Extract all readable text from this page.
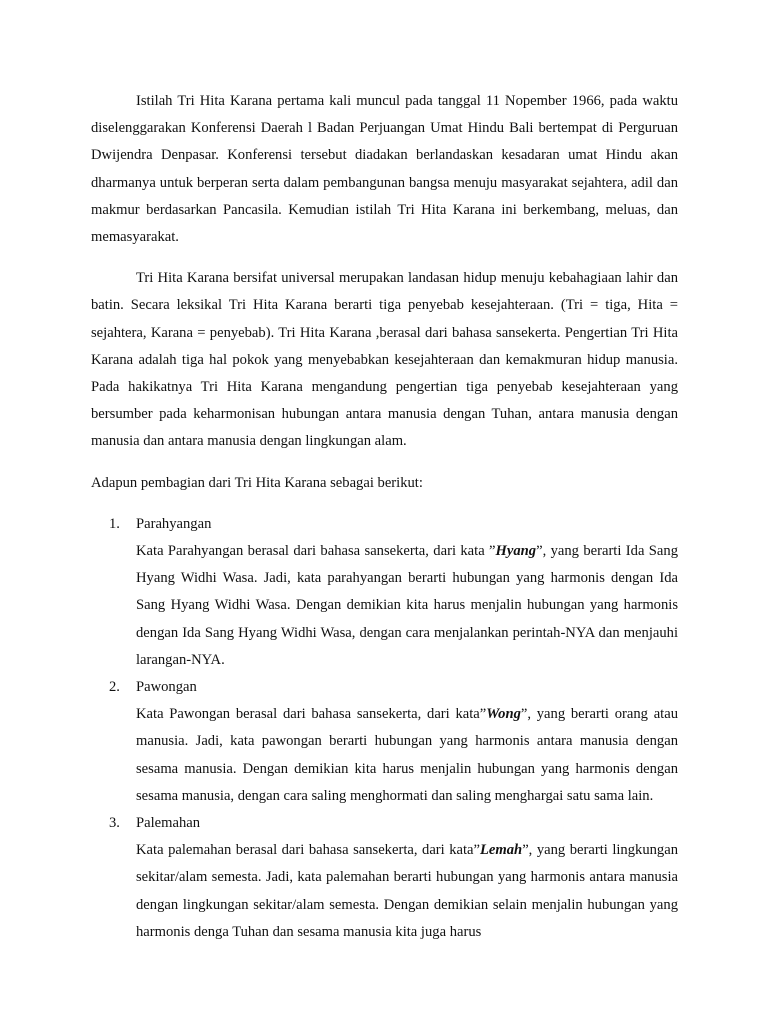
Istilah Tri Hita Karana pertama kali muncul pada tanggal 11 Nopember 1966, pada waktu diselenggarakan Konferensi Daerah l Badan Perjuangan Umat Hindu Bali bertempat di Perguruan Dwijendra Denpasar. Konferensi tersebut diadakan berlandaskan kesadaran umat Hindu akan dharmanya untuk berperan serta dalam pembangunan bangsa menuju masyarakat sejahtera, adil dan makmur berdasarkan Pancasila. Kemudian istilah Tri Hita Karana ini berkembang, meluas, dan memasyarakat.

Tri Hita Karana bersifat universal merupakan landasan hidup menuju kebahagiaan lahir dan batin. Secara leksikal Tri Hita Karana berarti tiga penyebab kesejahteraan. (Tri = tiga, Hita = sejahtera, Karana = penyebab). Tri Hita Karana ,berasal dari bahasa sansekerta. Pengertian Tri Hita Karana adalah tiga hal pokok yang menyebabkan kesejahteraan dan kemakmuran hidup manusia. Pada hakikatnya Tri Hita Karana mengandung pengertian tiga penyebab kesejahteraan yang bersumber pada keharmonisan hubungan antara manusia dengan Tuhan, antara manusia dengan manusia dan antara manusia dengan lingkungan alam.

Adapun pembagian dari Tri Hita Karana sebagai berikut:

1. Parahyangan

Kata Parahyangan berasal dari bahasa sansekerta, dari kata ”Hyang”, yang berarti Ida Sang Hyang Widhi Wasa. Jadi, kata parahyangan berarti hubungan yang harmonis dengan Ida Sang Hyang Widhi Wasa. Dengan demikian kita harus menjalin hubungan yang harmonis dengan Ida Sang Hyang Widhi Wasa, dengan cara menjalankan perintah-NYA dan menjauhi larangan-NYA.

2. Pawongan

Kata Pawongan berasal dari bahasa sansekerta, dari kata”Wong”, yang berarti orang atau manusia. Jadi, kata pawongan berarti hubungan yang harmonis antara manusia dengan sesama manusia. Dengan demikian kita harus menjalin hubungan yang harmonis dengan sesama manusia, dengan cara saling menghormati dan saling menghargai satu sama lain.

3. Palemahan

Kata palemahan berasal dari bahasa sansekerta, dari kata”Lemah”, yang berarti lingkungan sekitar/alam semesta. Jadi, kata palemahan berarti hubungan yang harmonis antara manusia dengan lingkungan sekitar/alam semesta. Dengan demikian selain menjalin hubungan yang harmonis denga Tuhan dan sesama manusia kita juga harus
